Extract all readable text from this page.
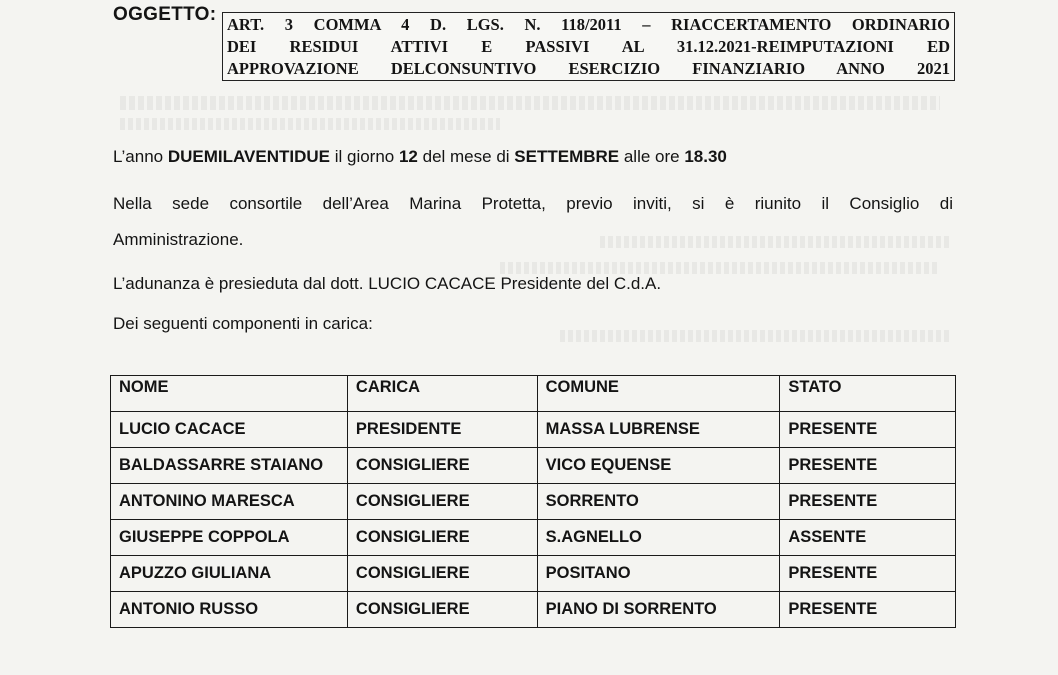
OGGETTO: ART. 3 COMMA 4 D. LGS. N. 118/2011 – RIACCERTAMENTO ORDINARIO
DEI RESIDUI ATTIVI E PASSIVI AL 31.12.2021-REIMPUTAZIONI ED
APPROVAZIONE DELCONSUNTIVO ESERCIZIO FINANZIARIO ANNO 2021
L’anno DUEMILAVENTIDUE il giorno 12 del mese di SETTEMBRE alle ore 18.30
Nella sede consortile dell’Area Marina Protetta, previo inviti, si è riunito il Consiglio di
Amministrazione.
L’adunanza è presieduta dal dott. LUCIO CACACE Presidente del C.d.A.
Dei seguenti componenti in carica:
NOME	CARICA	COMUNE	STATO
LUCIO CACACE	PRESIDENTE	MASSA LUBRENSE	PRESENTE
BALDASSARRE STAIANO	CONSIGLIERE	VICO EQUENSE	PRESENTE
ANTONINO MARESCA	CONSIGLIERE	SORRENTO	PRESENTE
GIUSEPPE COPPOLA	CONSIGLIERE	S.AGNELLO	ASSENTE
APUZZO GIULIANA	CONSIGLIERE	POSITANO	PRESENTE
ANTONIO RUSSO	CONSIGLIERE	PIANO DI SORRENTO	PRESENTE
